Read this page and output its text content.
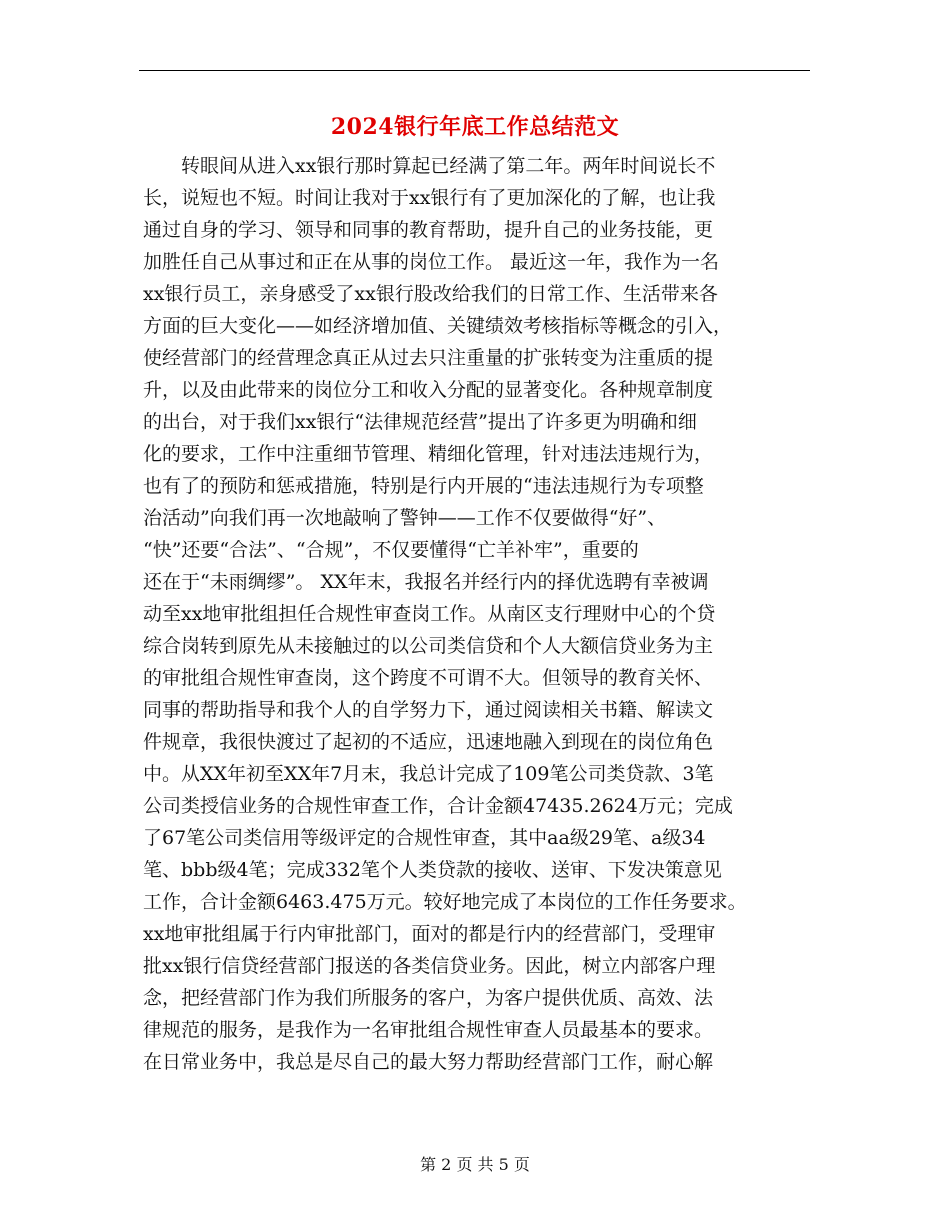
2024银行年底工作总结范文
　　转眼间从进入xx银行那时算起已经满了第二年。两年时间说长不
长，说短也不短。时间让我对于xx银行有了更加深化的了解，也让我
通过自身的学习、领导和同事的教育帮助，提升自己的业务技能，更
加胜任自己从事过和正在从事的岗位工作。 最近这一年，我作为一名
xx银行员工，亲身感受了xx银行股改给我们的日常工作、生活带来各
方面的巨大变化——如经济增加值、关键绩效考核指标等概念的引入，
使经营部门的经营理念真正从过去只注重量的扩张转变为注重质的提
升，以及由此带来的岗位分工和收入分配的显著变化。各种规章制度
的出台，对于我们xx银行“法律规范经营”提出了许多更为明确和细
化的要求，工作中注重细节管理、精细化管理，针对违法违规行为，
也有了的预防和惩戒措施，特别是行内开展的“违法违规行为专项整
治活动”向我们再一次地敲响了警钟——工作不仅要做得“好”、
“快”还要“合法”、“合规”，不仅要懂得“亡羊补牢”，重要的
还在于“未雨绸缪”。 XX年末，我报名并经行内的择优选聘有幸被调
动至xx地审批组担任合规性审查岗工作。从南区支行理财中心的个贷
综合岗转到原先从未接触过的以公司类信贷和个人大额信贷业务为主
的审批组合规性审查岗，这个跨度不可谓不大。但领导的教育关怀、
同事的帮助指导和我个人的自学努力下，通过阅读相关书籍、解读文
件规章，我很快渡过了起初的不适应，迅速地融入到现在的岗位角色
中。从XX年初至XX年7月末，我总计完成了109笔公司类贷款、3笔
公司类授信业务的合规性审查工作，合计金额47435.2624万元；完成
了67笔公司类信用等级评定的合规性审查，其中aa级29笔、a级34
笔、bbb级4笔；完成332笔个人类贷款的接收、送审、下发决策意见
工作，合计金额6463.475万元。较好地完成了本岗位的工作任务要求。
xx地审批组属于行内审批部门，面对的都是行内的经营部门，受理审
批xx银行信贷经营部门报送的各类信贷业务。因此，树立内部客户理
念，把经营部门作为我们所服务的客户，为客户提供优质、高效、法
律规范的服务，是我作为一名审批组合规性审查人员最基本的要求。
在日常业务中，我总是尽自己的最大努力帮助经营部门工作，耐心解
第 2 页 共 5 页
